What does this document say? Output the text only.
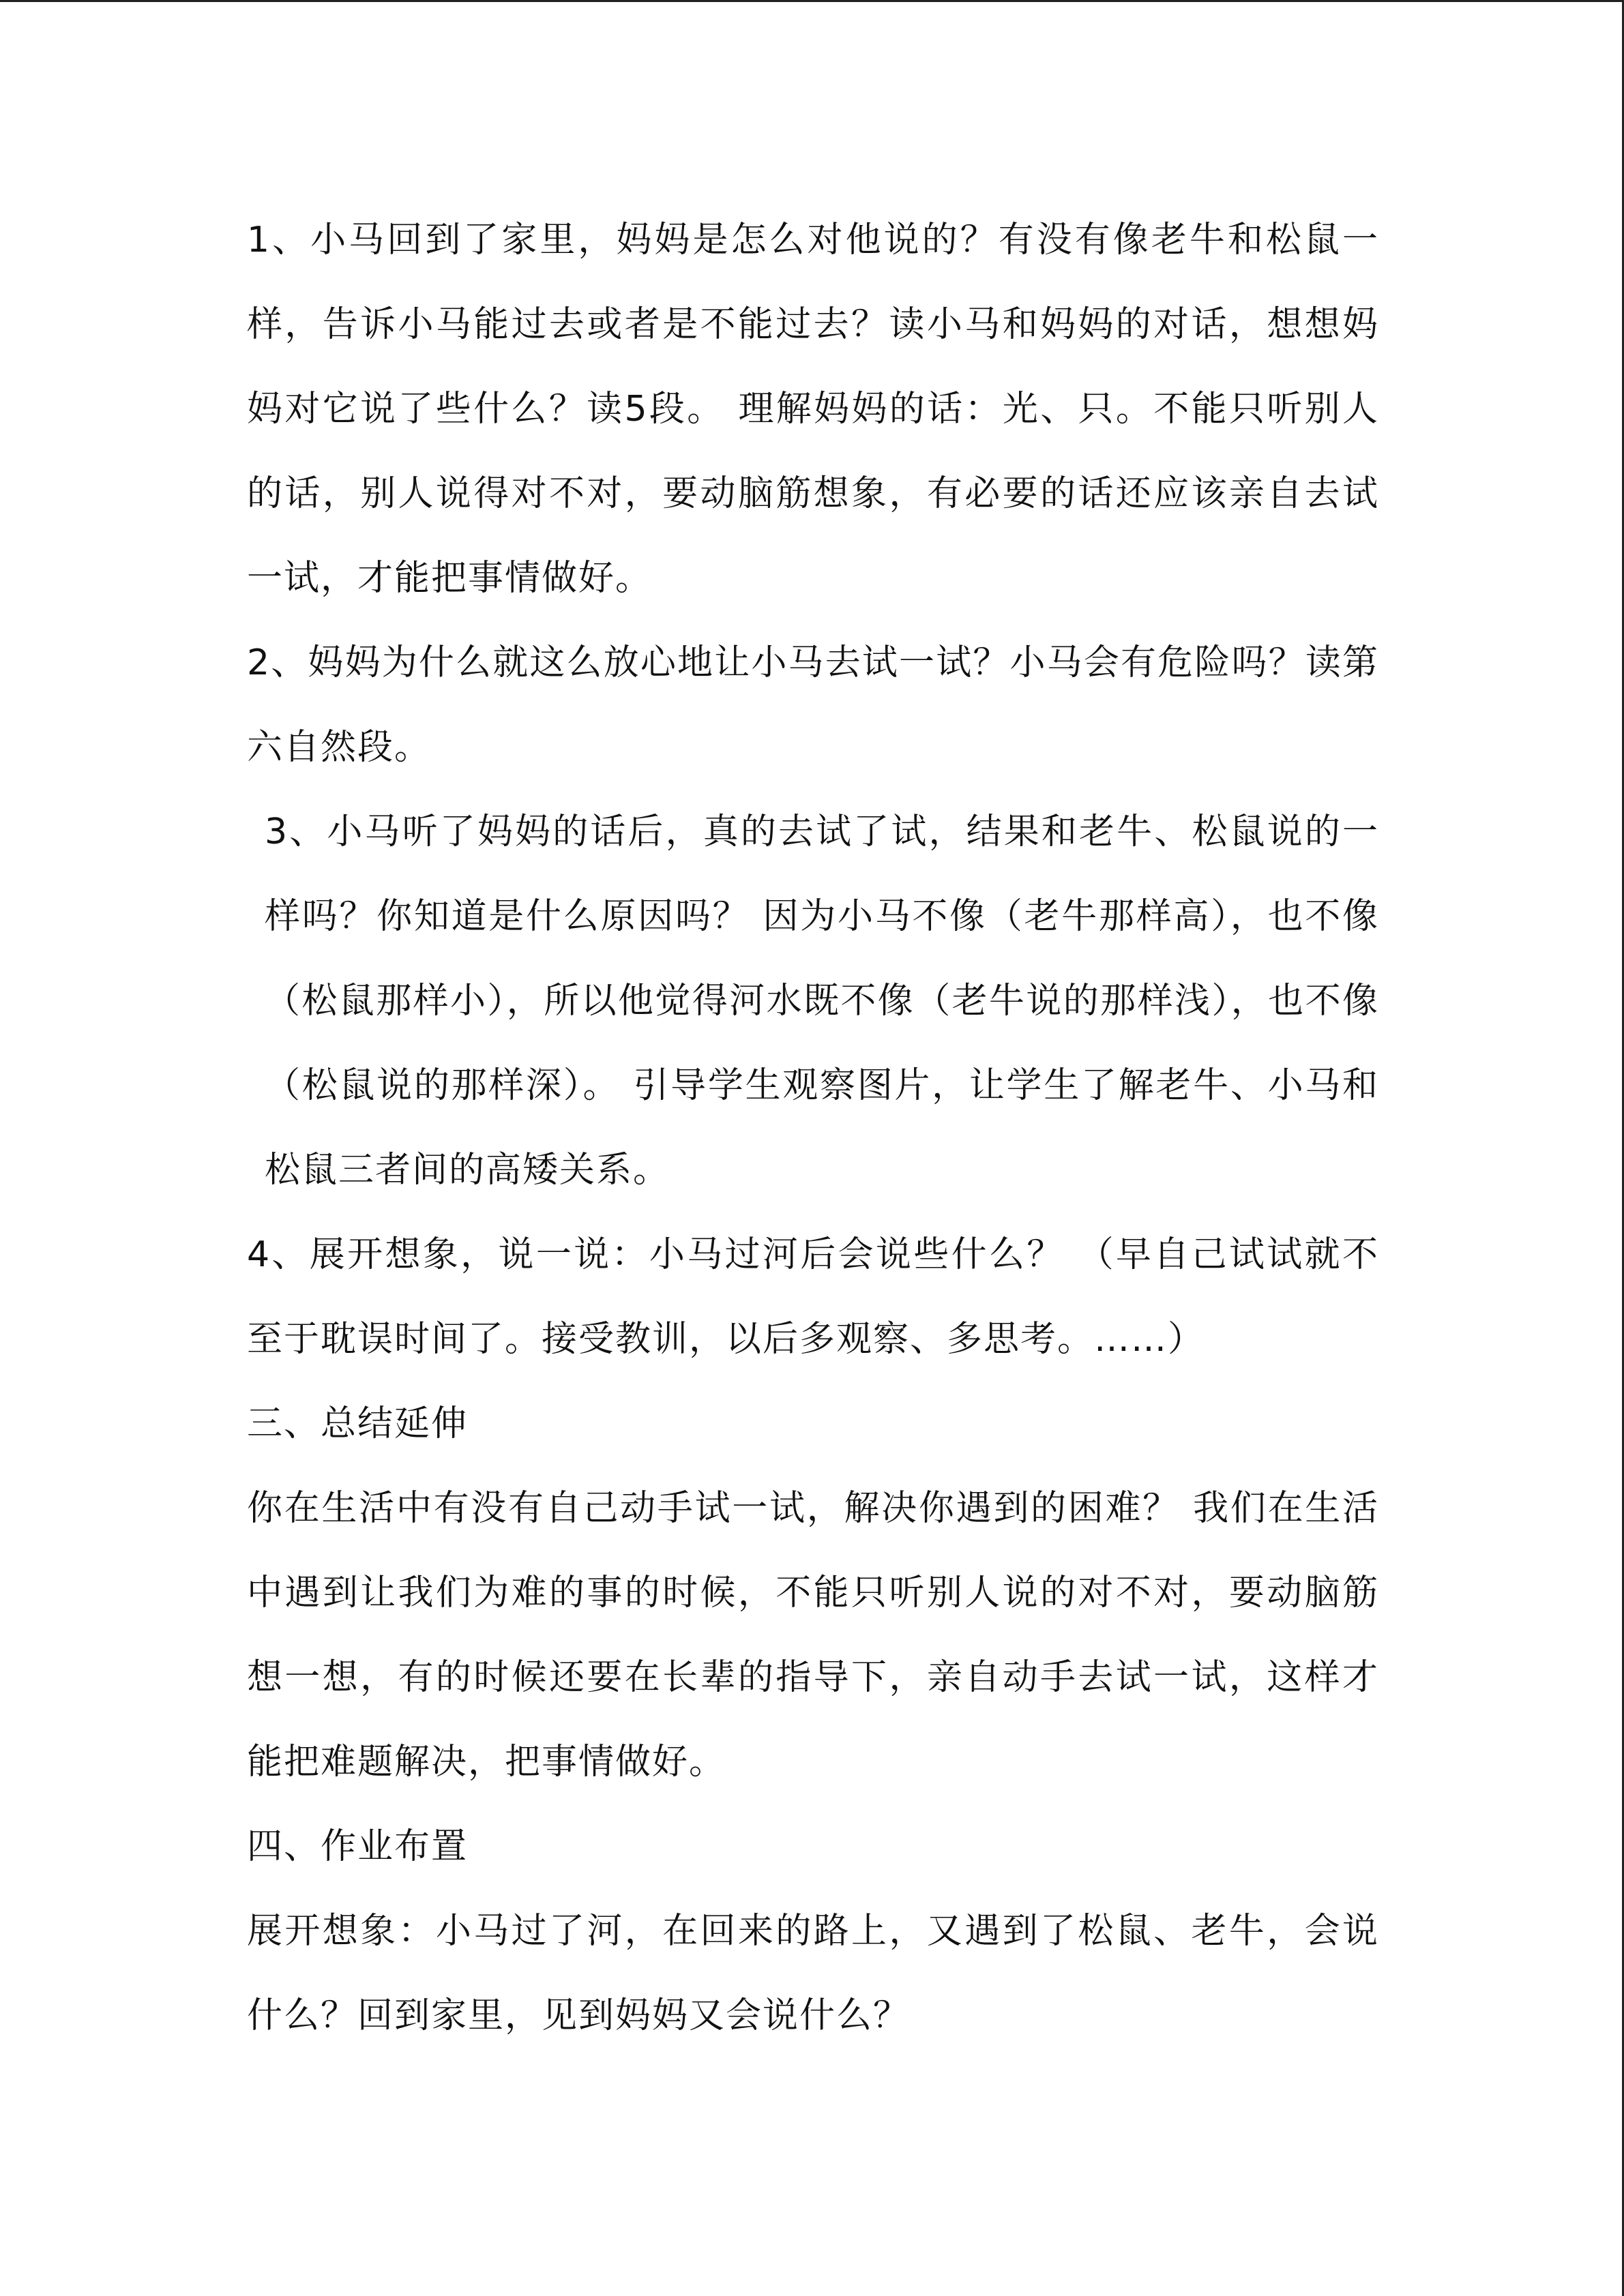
1、小马回到了家里，妈妈是怎么对他说的？有没有像老牛和松鼠一样，告诉小马能过去或者是不能过去？读小马和妈妈的对话，想想妈妈对它说了些什么？读5段。 理解妈妈的话：光、只。不能只听别人的话，别人说得对不对，要动脑筋想象，有必要的话还应该亲自去试一试，才能把事情做好。

2、妈妈为什么就这么放心地让小马去试一试？小马会有危险吗？读第六自然段。

3、小马听了妈妈的话后，真的去试了试，结果和老牛、松鼠说的一样吗？你知道是什么原因吗？ 因为小马不像（老牛那样高），也不像（松鼠那样小），所以他觉得河水既不像（老牛说的那样浅），也不像（松鼠说的那样深）。 引导学生观察图片，让学生了解老牛、小马和松鼠三者间的高矮关系。

4、展开想象，说一说：小马过河后会说些什么？ （早自己试试就不至于耽误时间了。接受教训，以后多观察、多思考。……）

三、总结延伸

你在生活中有没有自己动手试一试，解决你遇到的困难？ 我们在生活中遇到让我们为难的事的时候，不能只听别人说的对不对，要动脑筋想一想，有的时候还要在长辈的指导下，亲自动手去试一试，这样才能把难题解决，把事情做好。

四、作业布置

展开想象：小马过了河，在回来的路上，又遇到了松鼠、老牛，会说什么？回到家里，见到妈妈又会说什么？
